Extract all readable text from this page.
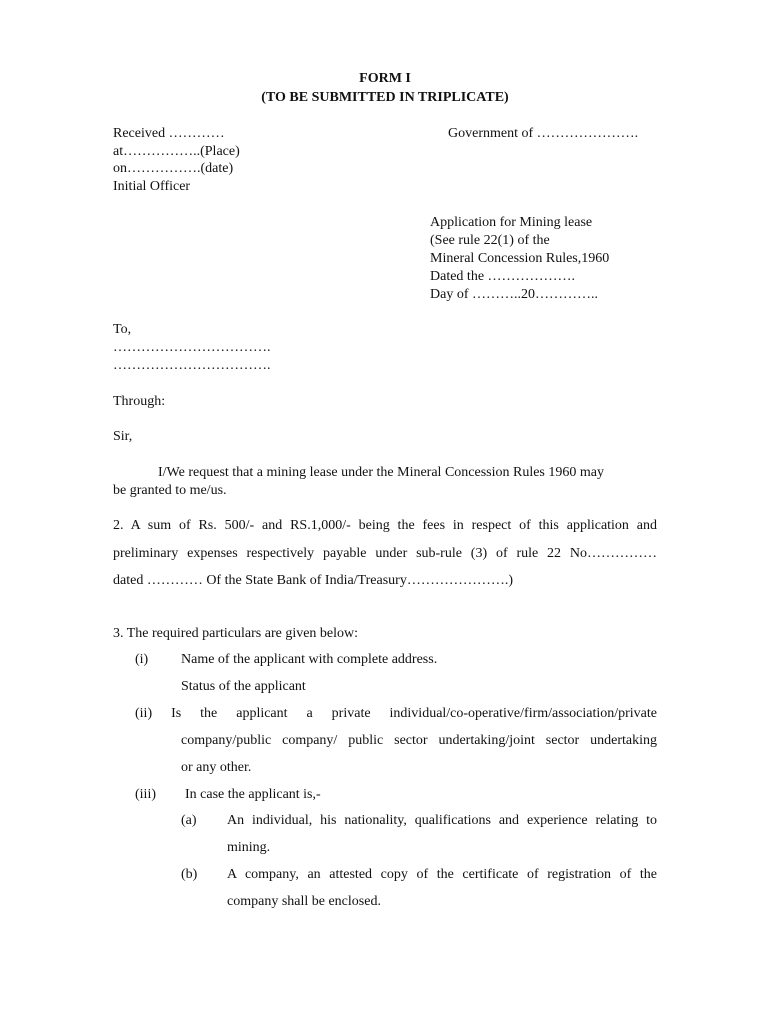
FORM I
(TO BE SUBMITTED IN TRIPLICATE)
Received …………
at……………..(Place)
on…………….(date)
Initial Officer
Government of ………………….
Application for Mining lease
(See rule 22(1) of the
Mineral Concession Rules,1960
Dated the ……………….
Day of ………..20…………..
To,
…………………………….
…………………………….
Through:
Sir,
I/We request that a mining lease under the Mineral Concession Rules 1960 may
be granted to me/us.
2. A sum of Rs. 500/- and RS.1,000/- being the fees in respect of this application and
preliminary expenses respectively payable under sub-rule (3) of rule 22 No……………
dated ………… Of the State Bank of India/Treasury………………….)
3. The required particulars are given below:
(i) Name of the applicant with complete address.
Status of the applicant
(ii) Is the applicant a private individual/co-operative/firm/association/private
company/public company/ public sector undertaking/joint sector undertaking
or any other.
(iii) In case the applicant is,-
(a) An individual, his nationality, qualifications and experience relating to
mining.
(b) A company, an attested copy of the certificate of registration of the
company shall be enclosed.
